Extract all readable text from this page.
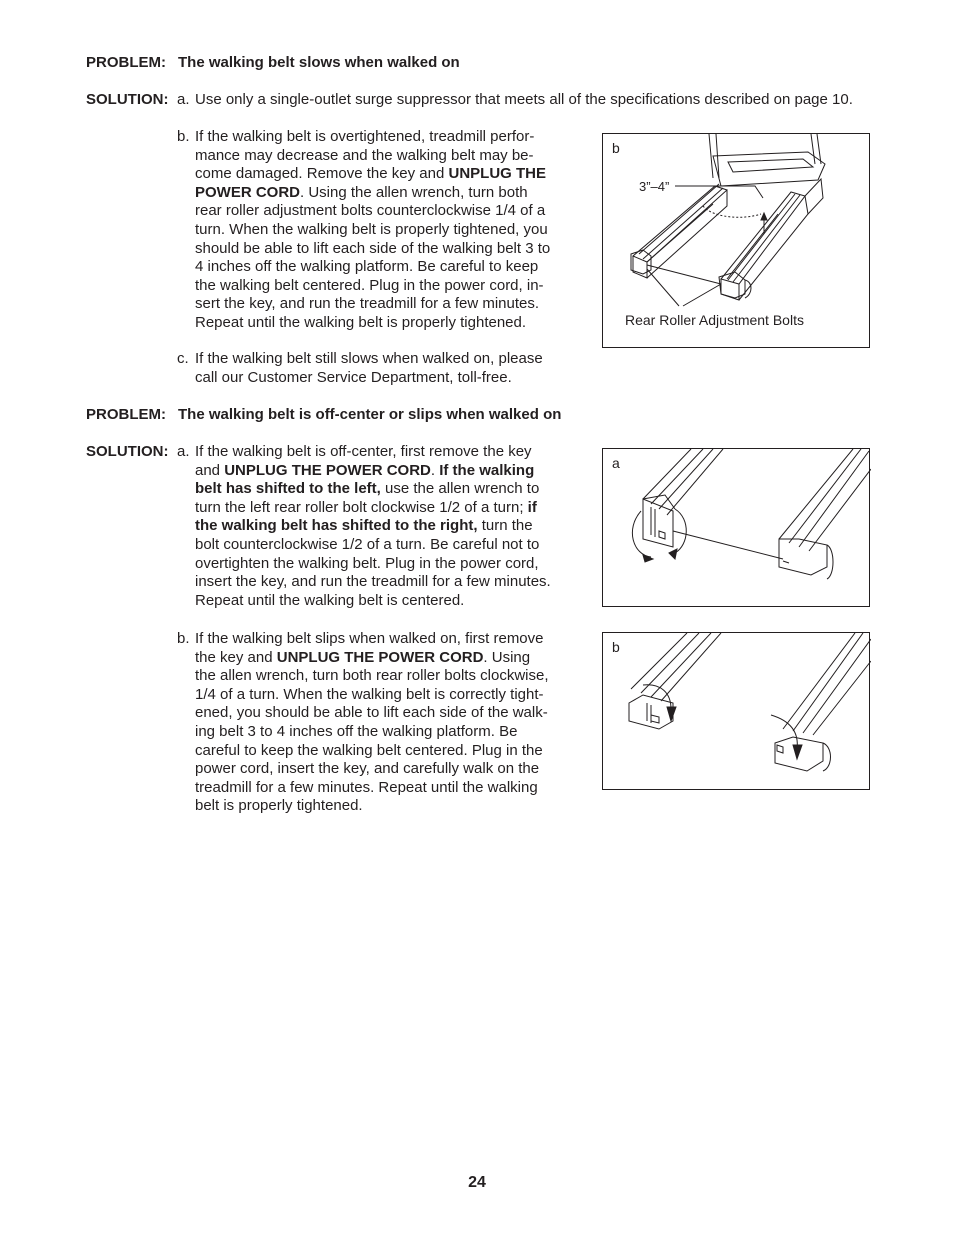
PROBLEM: The walking belt slows when walked on
SOLUTION: a. Use only a single-outlet surge suppressor that meets all of the specifications described on page 10.
b. If the walking belt is overtightened, treadmill perfor-
mance may decrease and the walking belt may be-
come damaged. Remove the key and UNPLUG THE
POWER CORD. Using the allen wrench, turn both
rear roller adjustment bolts counterclockwise 1/4 of a
turn. When the walking belt is properly tightened, you
should be able to lift each side of the walking belt 3 to
4 inches off the walking platform. Be careful to keep
the walking belt centered. Plug in the power cord, in-
sert the key, and run the treadmill for a few minutes.
Repeat until the walking belt is properly tightened.
c. If the walking belt still slows when walked on, please
call our Customer Service Department, toll-free.
PROBLEM: The walking belt is off-center or slips when walked on
SOLUTION: a. If the walking belt is off-center, first remove the key
and UNPLUG THE POWER CORD. If the walking
belt has shifted to the left, use the allen wrench to
turn the left rear roller bolt clockwise 1/2 of a turn; if
the walking belt has shifted to the right, turn the
bolt counterclockwise 1/2 of a turn. Be careful not to
overtighten the walking belt. Plug in the power cord,
insert the key, and run the treadmill for a few minutes.
Repeat until the walking belt is centered.
b. If the walking belt slips when walked on, first remove
the key and UNPLUG THE POWER CORD. Using
the allen wrench, turn both rear roller bolts clockwise,
1/4 of a turn. When the walking belt is correctly tight-
ened, you should be able to lift each side of the walk-
ing belt 3 to 4 inches off the walking platform. Be
careful to keep the walking belt centered. Plug in the
power cord, insert the key, and carefully walk on the
treadmill for a few minutes. Repeat until the walking
belt is properly tightened.
3”–4”
b
Rear Roller Adjustment Bolts
a
b
24
